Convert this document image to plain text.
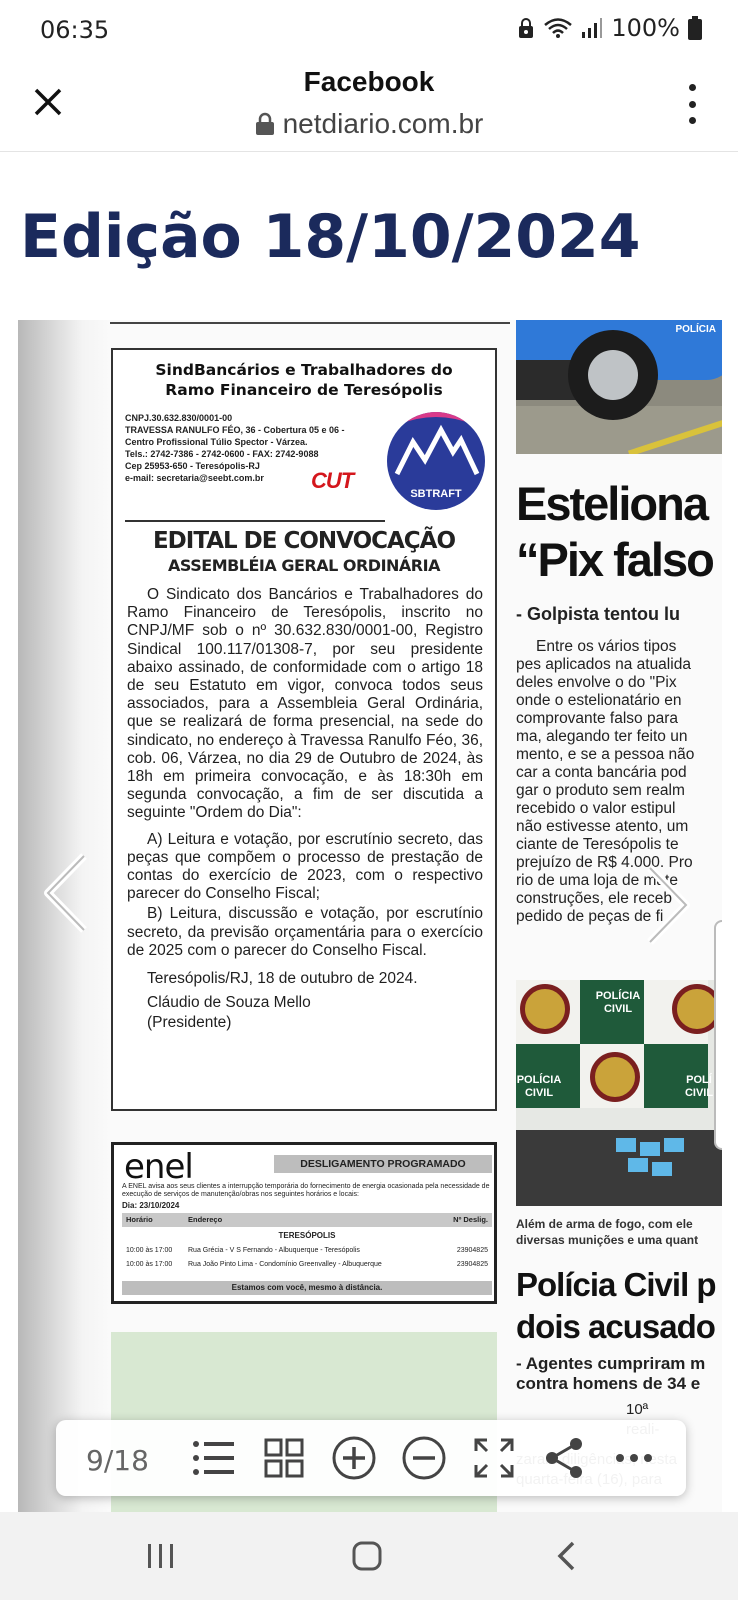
06:35	100%
Facebook
netdiario.com.br
Edição 18/10/2024
SindBancários e Trabalhadores do
Ramo Financeiro de Teresópolis
CNPJ.30.632.830/0001-00
TRAVESSA RANULFO FÉO, 36 - Cobertura 05 e 06 -
Centro Profissional Túlio Spector - Várzea.
Tels.: 2742-7386 - 2742-0600 - FAX: 2742-9088
Cep 25953-650 - Teresópolis-RJ
e-mail: secretaria@seebt.com.br	CUT
SBTRAFT
EDITAL DE CONVOCAÇÃO
ASSEMBLÉIA GERAL ORDINÁRIA

O Sindicato dos Bancários e Trabalhadores do Ramo Financeiro de Teresópolis, inscrito no CNPJ/MF sob o nº 30.632.830/0001-00, Registro Sindical 100.117/01308-7, por seu presidente abaixo assinado, de conformidade com o artigo 18 de seu Estatuto em vigor, convoca todos seus associados, para a Assembleia Geral Ordinária, que se realizará de forma presencial, na sede do sindicato, no endereço à Travessa Ranulfo Féo, 36, cob. 06, Várzea, no dia 29 de Outubro de 2024, às 18h em primeira convocação, e às 18:30h em segunda convocação, a fim de ser discutida a seguinte "Ordem do Dia":

A) Leitura e votação, por escrutínio secreto, das peças que compõem o processo de prestação de contas do exercício de 2023, com o respectivo parecer do Conselho Fiscal;

B) Leitura, discussão e votação, por escrutínio secreto, da previsão orçamentária para o exercício de 2025 com o parecer do Conselho Fiscal.

Teresópolis/RJ, 18 de outubro de 2024.

Cláudio de Souza Mello

(Presidente)

enel	DESLIGAMENTO PROGRAMADO
A ENEL avisa aos seus clientes a interrupção temporária do fornecimento de energia ocasionada pela necessidade de execução de serviços de manutenção/obras nos seguintes horários e locais:
Dia: 23/10/2024
Horário	Endereço	Nº Deslig.
TERESÓPOLIS
10:00 às 17:00 Rua Grécia - V S Fernando - Albuquerque - Teresópolis	23904825
10:00 às 17:00 Rua João Pinto Lima - Condomínio Greenvalley - Albuquerque	23904825
Estamos com você, mesmo à distância.
POLÍCIA
Esteliona
“Pix falso
- Golpista tentou lu
Entre os vários tipos
pes aplicados na atualida
deles envolve o do "Pix
onde o estelionatário en
comprovante falso para
ma, alegando ter feito un
mento, e se a pessoa não
car a conta bancária pod
gar o produto sem realm
recebido o valor estipul
não estivesse atento, um
ciante de Teresópolis te
prejuízo de R$ 4.000. Pro
rio de uma loja de mate
construções, ele receb
pedido de peças de fi
POLÍCIA CIVIL
POLÍCIA CIVIL
POLÍ CIVIL
Além de arma de fogo, com ele
diversas munições e uma quant
Polícia Civil p
dois acusado
- Agentes cumpriram m
contra homens de 34 e
10ª
9/18
